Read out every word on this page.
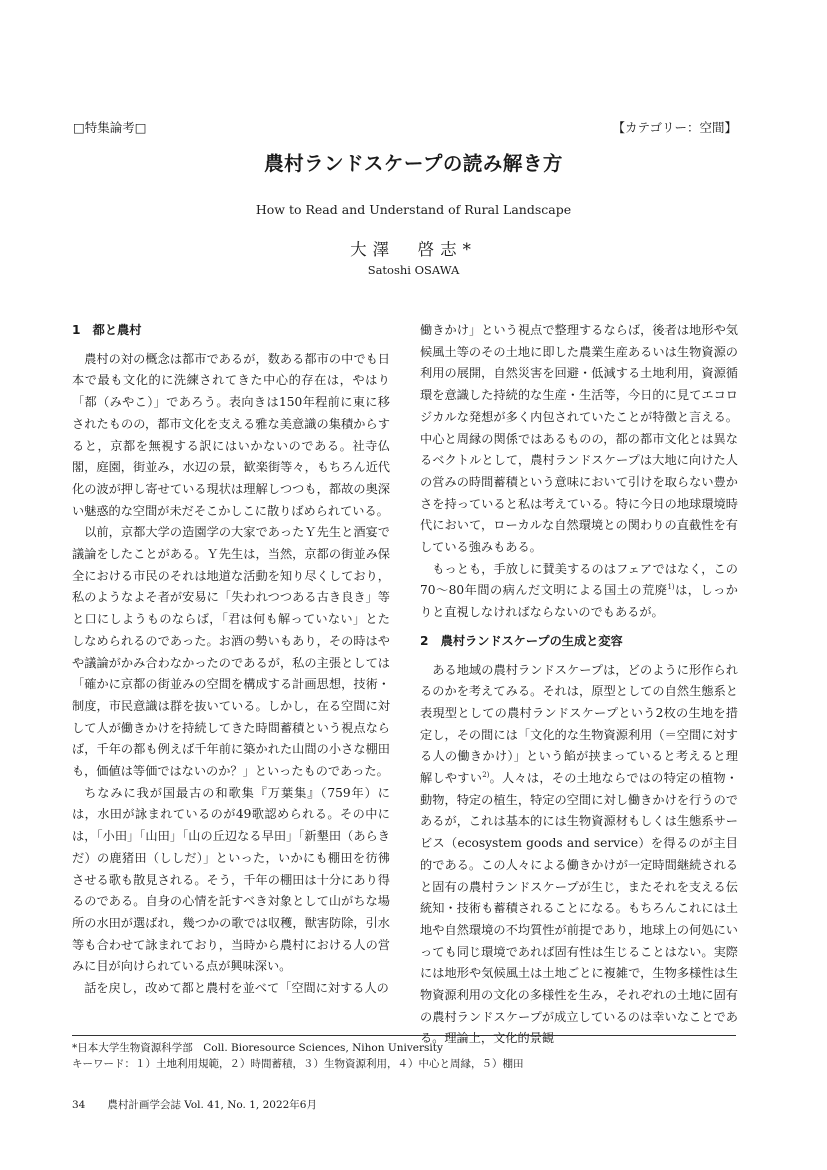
□特集論考□	【カテゴリー：空間】
農村ランドスケープの読み解き方
How to Read and Understand of Rural Landscape
大澤　啓志*
Satoshi OSAWA
1　都と農村

農村の対の概念は都市であるが，数ある都市の中でも日本で最も文化的に洗練されてきた中心的存在は，やはり「都（みやこ）」であろう。表向きは150年程前に東に移されたものの，都市文化を支える雅な美意識の集積からすると，京都を無視する訳にはいかないのである。社寺仏閣，庭園，街並み，水辺の景，歓楽街等々，もちろん近代化の波が押し寄せている現状は理解しつつも，都故の奥深い魅惑的な空間が未だそこかしこに散りばめられている。

以前，京都大学の造園学の大家であったＹ先生と酒宴で議論をしたことがある。Ｙ先生は，当然，京都の街並み保全における市民のそれは地道な活動を知り尽くしており，私のようなよそ者が安易に「失われつつある古き良き」等と口にしようものならば，「君は何も解っていない」とたしなめられるのであった。お酒の勢いもあり，その時はやや議論がかみ合わなかったのであるが，私の主張としては「確かに京都の街並みの空間を構成する計画思想，技術・制度，市民意識は群を抜いている。しかし，在る空間に対して人が働きかけを持続してきた時間蓄積という視点ならば，千年の都も例えば千年前に築かれた山間の小さな棚田も，価値は等価ではないのか？」といったものであった。

ちなみに我が国最古の和歌集『万葉集』（759年）には，水田が詠まれているのが49歌認められる。その中には，「小田」「山田」「山の丘辺なる早田」「新墾田（あらきだ）の鹿猪田（ししだ）」といった，いかにも棚田を彷彿させる歌も散見される。そう，千年の棚田は十分にあり得るのである。自身の心情を託すべき対象として山がちな場所の水田が選ばれ，幾つかの歌では収穫，獣害防除，引水等も合わせて詠まれており，当時から農村における人の営みに目が向けられている点が興味深い。

話を戻し，改めて都と農村を並べて「空間に対する人の

働きかけ」という視点で整理するならば，後者は地形や気候風土等のその土地に即した農業生産あるいは生物資源の利用の展開，自然災害を回避・低減する土地利用，資源循環を意識した持続的な生産・生活等，今日的に見てエコロジカルな発想が多く内包されていたことが特徴と言える。中心と周縁の関係ではあるものの，都の都市文化とは異なるベクトルとして，農村ランドスケープは大地に向けた人の営みの時間蓄積という意味において引けを取らない豊かさを持っていると私は考えている。特に今日の地球環境時代において，ローカルな自然環境との関わりの直截性を有している強みもある。

もっとも，手放しに賛美するのはフェアではなく，この70～80年間の病んだ文明による国土の荒廃$^{1)}$は，しっかりと直視しなければならないのでもあるが。

2　農村ランドスケープの生成と変容

ある地域の農村ランドスケープは，どのように形作られるのかを考えてみる。それは，原型としての自然生態系と表現型としての農村ランドスケープという2枚の生地を措定し，その間には「文化的な生物資源利用（＝空間に対する人の働きかけ）」という餡が挟まっていると考えると理解しやすい$^{2)}$。人々は，その土地ならではの特定の植物・動物，特定の植生，特定の空間に対し働きかけを行うのであるが，これは基本的には生物資源材もしくは生態系サービス（ecosystem goods and service）を得るのが主目的である。この人々による働きかけが一定時間継続されると固有の農村ランドスケープが生じ，またそれを支える伝統知・技術も蓄積されることになる。もちろんこれには土地や自然環境の不均質性が前提であり，地球上の何処にいっても同じ環境であれば固有性は生じることはない。実際には地形や気候風土は土地ごとに複雑で，生物多様性は生物資源利用の文化の多様性を生み，それぞれの土地に固有の農村ランドスケープが成立しているのは幸いなことである。理論上，文化的景観

*日本大学生物資源科学部　Coll. Bioresource Sciences, Nihon University
キーワード：１）土地利用規範，２）時間蓄積，３）生物資源利用，４）中心と周縁，５）棚田
34 農村計画学会誌 Vol. 41, No. 1, 2022年6月
